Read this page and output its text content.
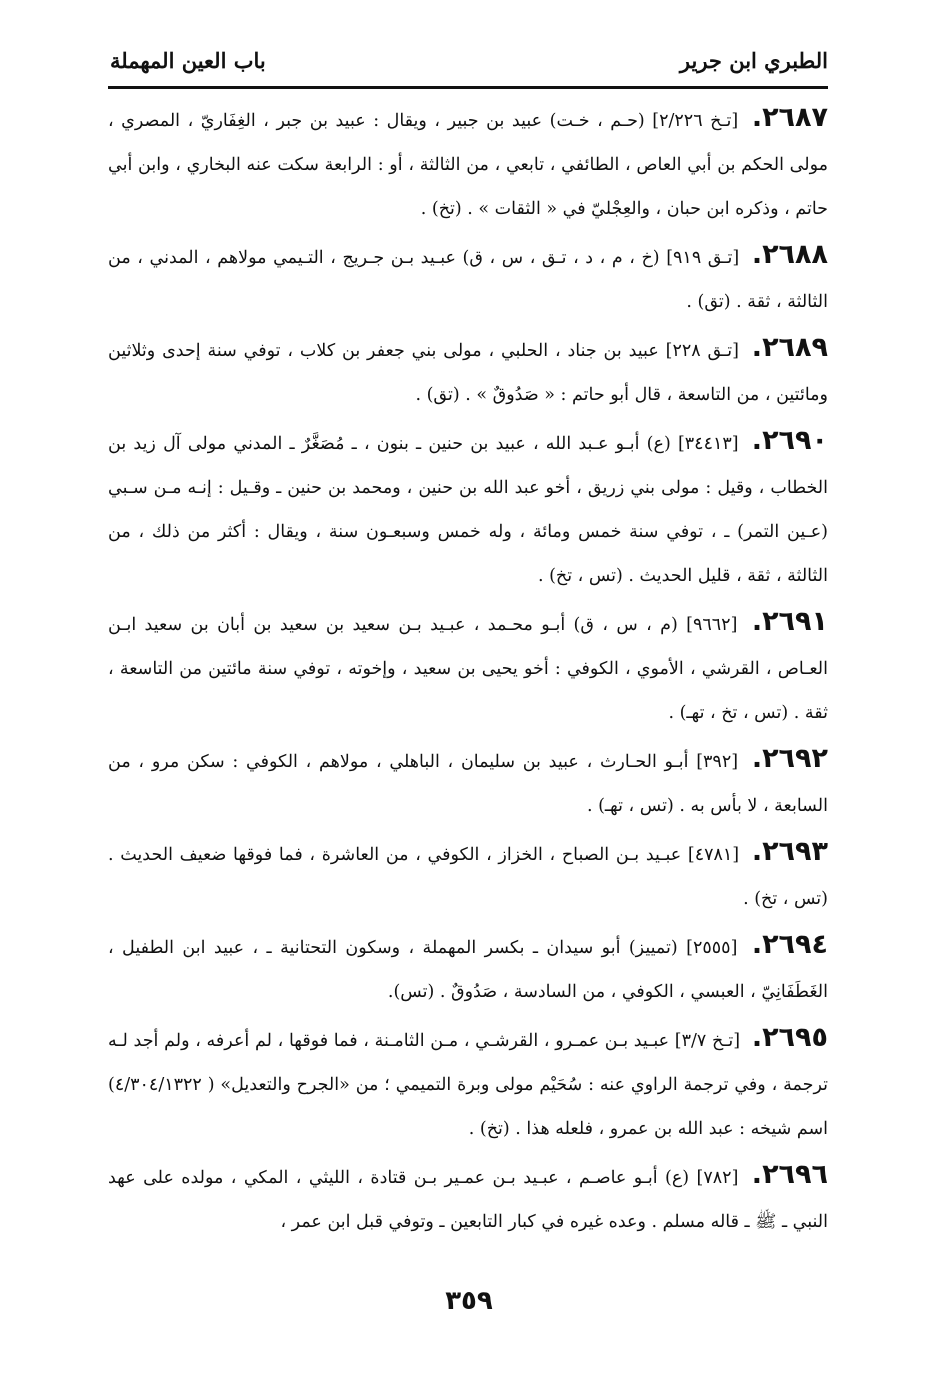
الطبري ابن جرير
باب العين المهملة

٢٦٨٧. [تـخ ٢/٢٢٦] (حـم ، خـت) عبيد بن جبير ، ويقال : عبيد بن جبر ، الغِفَاريّ ، المصري ، مولى الحكم بن أبي العاص ، الطائفي ، تابعي ، من الثالثة ، أو : الرابعة سكت عنه البخاري ، وابن أبي حاتم ، وذكره ابن حبان ، والعِجْليّ في « الثقات » . (تخ) .

٢٦٨٨. [تـق ٩١٩] (خ ، م ، د ، تـق ، س ، ق) عبـيد بـن جـريج ، التـيمي مولاهم ، المدني ، من الثالثة ، ثقة . (تق) .

٢٦٨٩. [تـق ٢٢٨] عبيد بن جناد ، الحلبي ، مولى بني جعفر بن كلاب ، توفي سنة إحدى وثلاثين ومائتين ، من التاسعة ، قال أبو حاتم : « صَدُوقٌ » . (تق) .

٢٦٩٠. [٣٤٤١٣] (ع) أبـو عـبد الله ، عبيد بن حنين ـ بنون ، ـ مُصَغَّرٌ ـ المدني مولى آل زيد بن الخطاب ، وقيل : مولى بني زريق ، أخو عبد الله بن حنين ، ومحمد بن حنين ـ وقـيل : إنـه مـن سـبي (عـين التمر) ـ ، توفي سنة خمس ومائة ، وله خمس وسبعـون سنة ، ويقال : أكثر من ذلك ، من الثالثة ، ثقة ، قليل الحديث . (تس ، تخ) .

٢٦٩١. [٩٦٦٢] (م ، س ، ق) أبـو محـمد ، عبـيد بـن سعيد بن سعيد بن أبان بن سعيد ابـن العـاص ، القرشي ، الأموي ، الكوفي : أخو يحيى بن سعيد ، وإخوته ، توفي سنة مائتين من التاسعة ، ثقة . (تس ، تخ ، تهـ) .

٢٦٩٢. [٣٩٢] أبـو الحـارث ، عبيد بن سليمان ، الباهلي ، مولاهم ، الكوفي : سكن مرو ، من السابعة ، لا بأس به . (تس ، تهـ) .

٢٦٩٣. [٤٧٨١] عبـيد بـن الصباح ، الخزاز ، الكوفي ، من العاشرة ، فما فوقها ضعيف الحديث . (تس ، تخ) .

٢٦٩٤. [٢٥٥٥] (تمييز) أبو سيدان ـ بكسر المهملة ، وسكون التحتانية ـ ، عبيد ابن الطفيل ، الغَطَفَانِيّ ، العبسي ، الكوفي ، من السادسة ، صَدُوقٌ . (تس).

٢٦٩٥. [تـخ ٣/٧] عبـيد بـن عمـرو ، القرشـي ، مـن الثامـنة ، فما فوقها ، لم أعرفه ، ولم أجد لـه ترجمة ، وفي ترجمة الراوي عنه : سُحَيْم مولى وبرة التميمي ؛ من «الجرح والتعديل» ( ٤/٣٠٤/١٣٢٢) اسم شيخه : عبد الله بن عمرو ، فلعله هذا . (تخ) .

٢٦٩٦. [٧٨٢] (ع) أبـو عاصـم ، عبـيد بـن عمـير بـن قتادة ، الليثي ، المكي ، مولده على عهد النبي ـ ﷺ ـ قاله مسلم . وعده غيره في كبار التابعين ـ وتوفي قبل ابن عمر ،

٣٥٩
